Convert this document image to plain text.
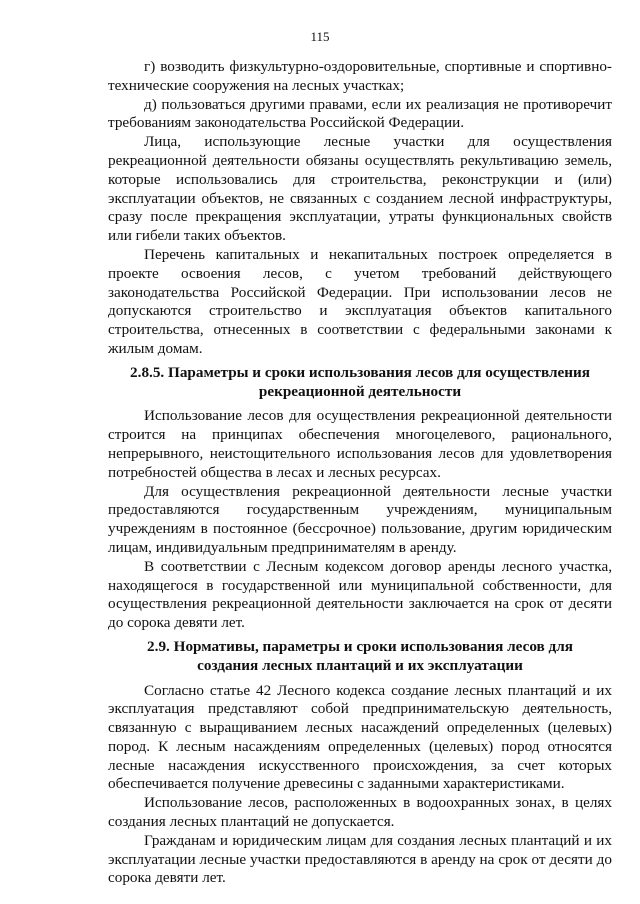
115

г) возводить физкультурно-оздоровительные, спортивные и спортивно-технические сооружения на лесных участках;

д) пользоваться другими правами, если их реализация не противоречит требованиям законодательства Российской Федерации.

Лица, использующие лесные участки для осуществления рекреационной деятельности обязаны осуществлять рекультивацию земель, которые использовались для строительства, реконструкции и (или) эксплуатации объектов, не связанных с созданием лесной инфраструктуры, сразу после прекращения эксплуатации, утраты функциональных свойств или гибели таких объектов.

Перечень капитальных и некапитальных построек определяется в проекте освоения лесов, с учетом требований действующего законодательства Российской Федерации. При использовании лесов не допускаются строительство и эксплуатация объектов капитального строительства, отнесенных в соответствии с федеральными законами к жилым домам.

2.8.5. Параметры и сроки использования лесов для осуществления рекреационной деятельности

Использование лесов для осуществления рекреационной деятельности строится на принципах обеспечения многоцелевого, рационального, непрерывного, неистощительного использования лесов для удовлетворения потребностей общества в лесах и лесных ресурсах.

Для осуществления рекреационной деятельности лесные участки предоставляются государственным учреждениям, муниципальным учреждениям в постоянное (бессрочное) пользование, другим юридическим лицам, индивидуальным предпринимателям в аренду.

В соответствии с Лесным кодексом договор аренды лесного участка, находящегося в государственной или муниципальной собственности, для осуществления рекреационной деятельности заключается на срок от десяти до сорока девяти лет.

2.9. Нормативы, параметры и сроки использования лесов для создания лесных плантаций и их эксплуатации

Согласно статье 42 Лесного кодекса создание лесных плантаций и их эксплуатация представляют собой предпринимательскую деятельность, связанную с выращиванием лесных насаждений определенных (целевых) пород. К лесным насаждениям определенных (целевых) пород относятся лесные насаждения искусственного происхождения, за счет которых обеспечивается получение древесины с заданными характеристиками.

Использование лесов, расположенных в водоохранных зонах, в целях создания лесных плантаций не допускается.

Гражданам и юридическим лицам для создания лесных плантаций и их эксплуатации лесные участки предоставляются в аренду на срок от десяти до сорока девяти лет.
